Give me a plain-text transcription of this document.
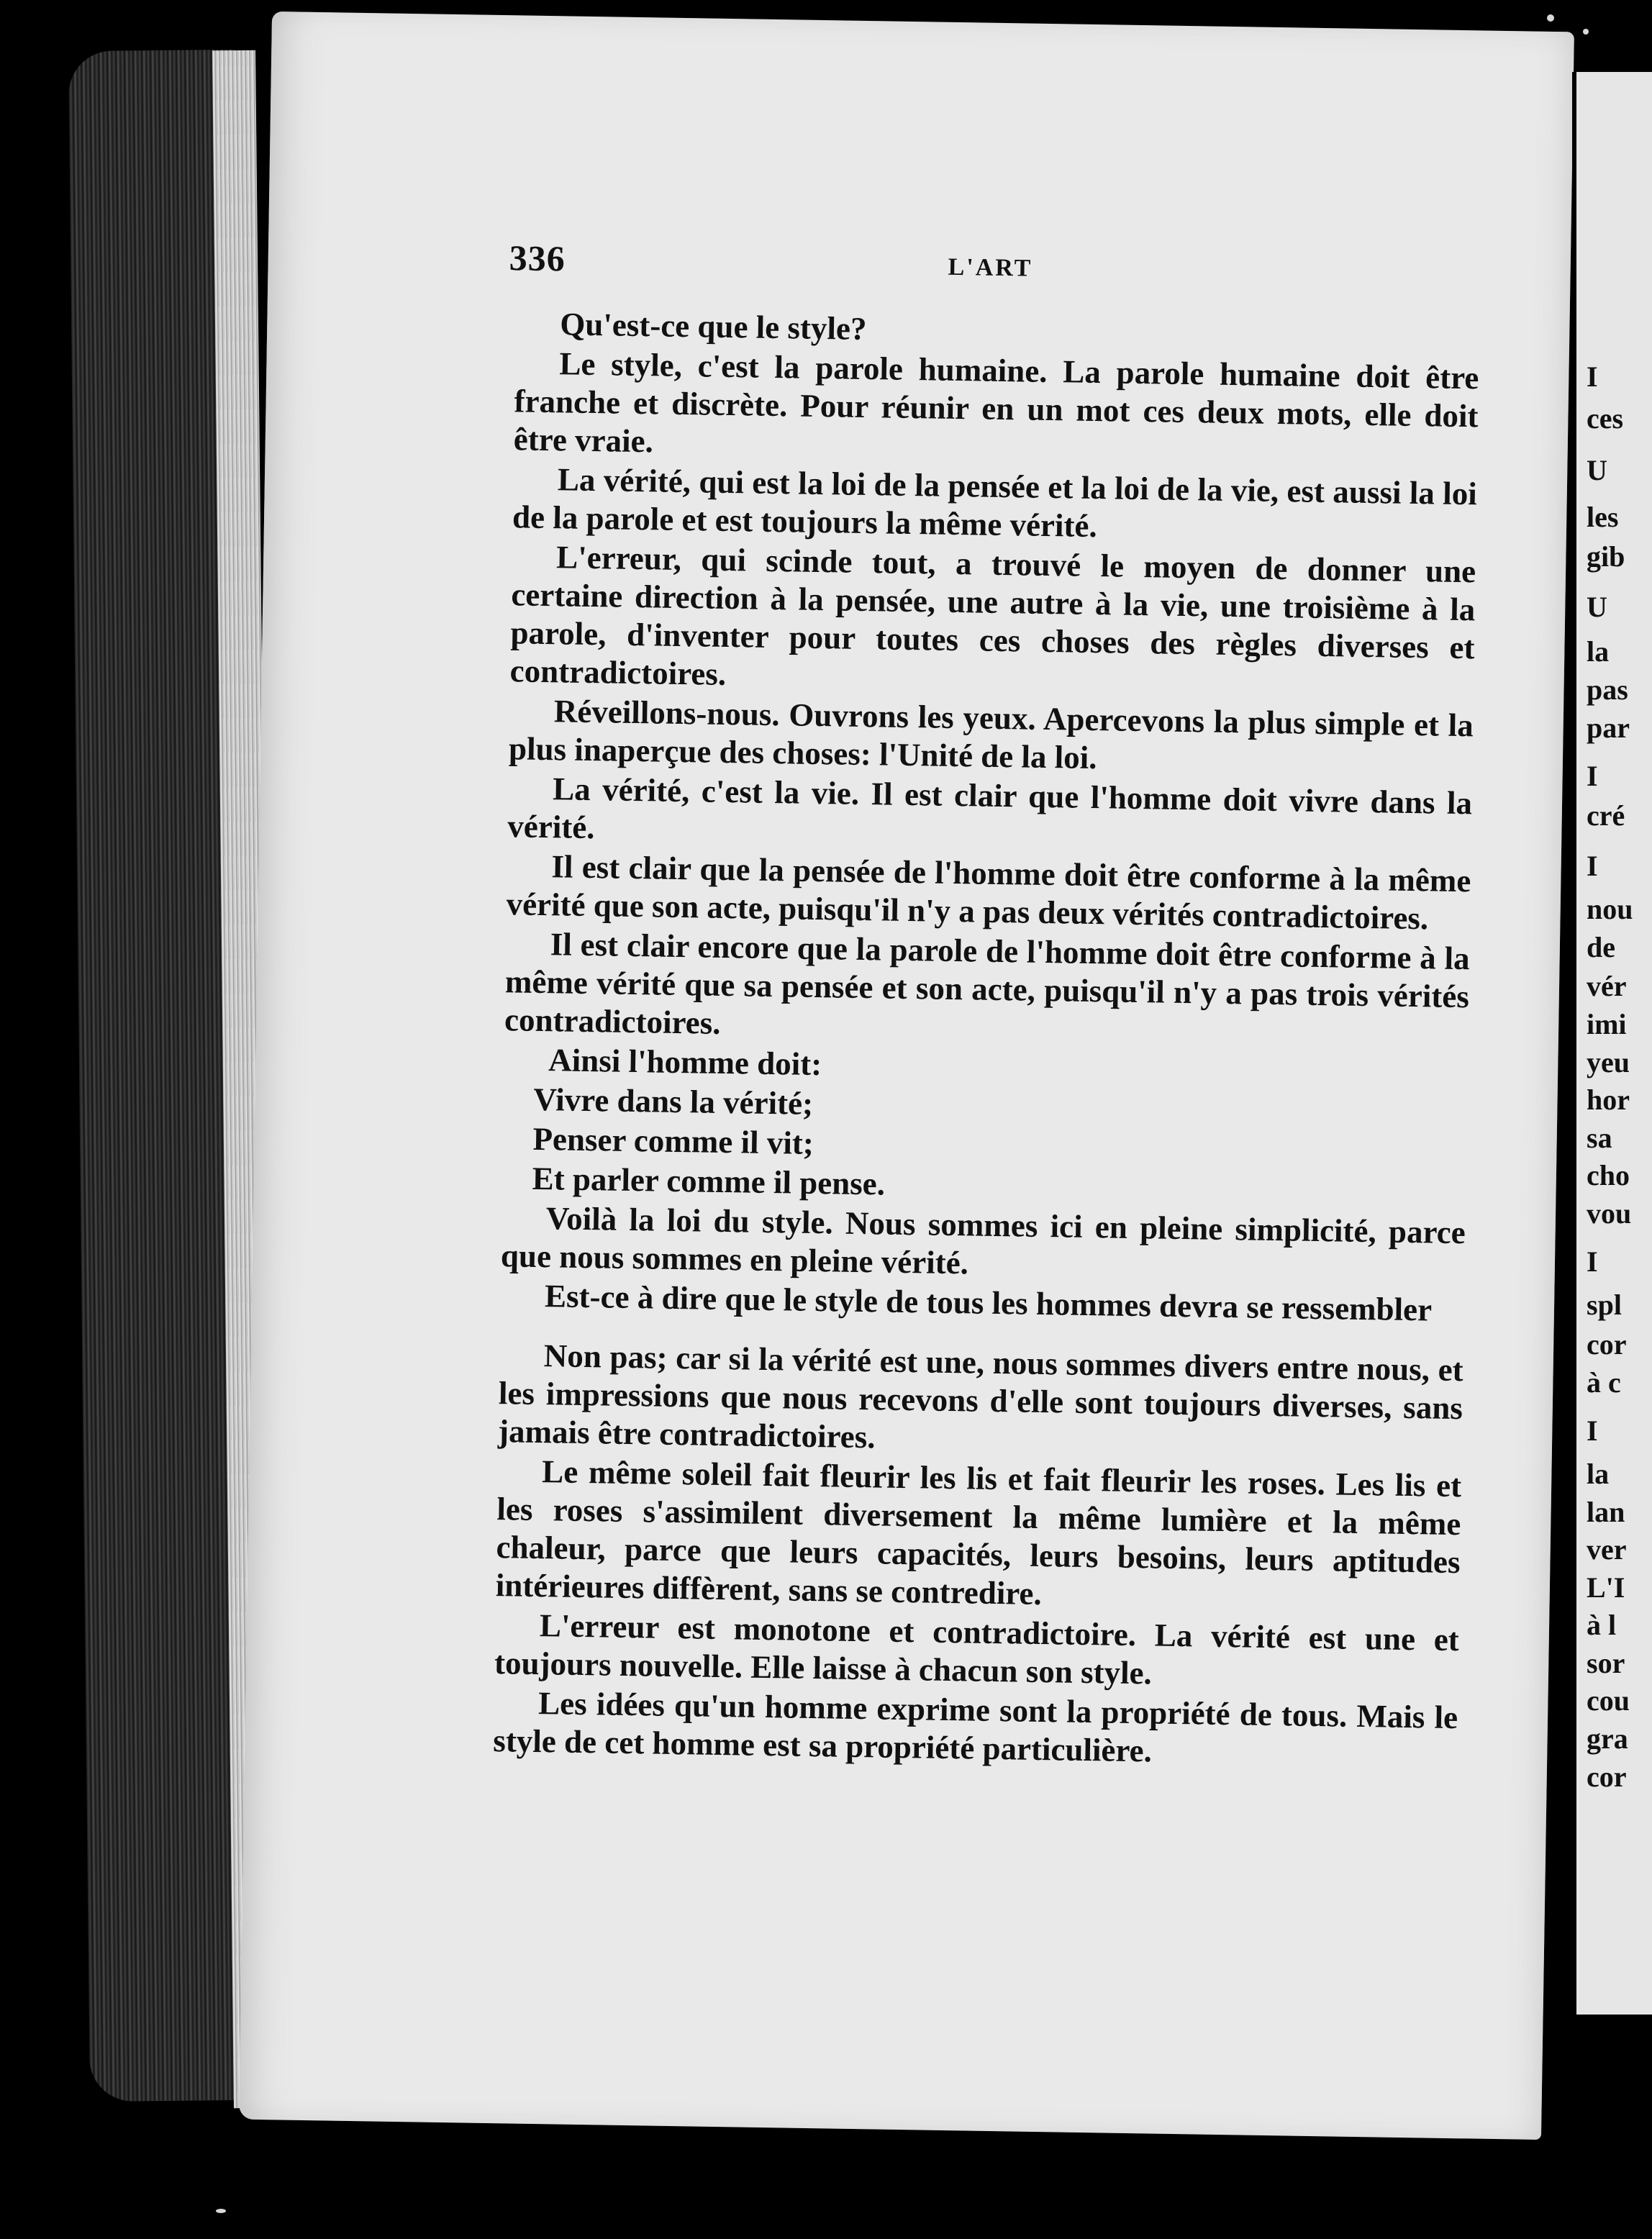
336	L'ART

Qu'est-ce que le style?

Le style, c'est la parole humaine. La parole humaine doit être franche et discrète. Pour réunir en un mot ces deux mots, elle doit être vraie.

La vérité, qui est la loi de la pensée et la loi de la vie, est aussi la loi de la parole et est toujours la même vérité.

L'erreur, qui scinde tout, a trouvé le moyen de donner une certaine direction à la pensée, une autre à la vie, une troisième à la parole, d'inventer pour toutes ces choses des règles diverses et contradictoires.

Réveillons-nous. Ouvrons les yeux. Apercevons la plus simple et la plus inaperçue des choses: l'Unité de la loi.

La vérité, c'est la vie. Il est clair que l'homme doit vivre dans la vérité.

Il est clair que la pensée de l'homme doit être conforme à la même vérité que son acte, puisqu'il n'y a pas deux vérités contradictoires.

Il est clair encore que la parole de l'homme doit être conforme à la même vérité que sa pensée et son acte, puisqu'il n'y a pas trois vérités contradictoires.

Ainsi l'homme doit:

Vivre dans la vérité;

Penser comme il vit;

Et parler comme il pense.

Voilà la loi du style. Nous sommes ici en pleine simplicité, parce que nous sommes en pleine vérité.

Est-ce à dire que le style de tous les hommes devra se ressembler

Non pas; car si la vérité est une, nous sommes divers entre nous, et les impressions que nous recevons d'elle sont toujours diverses, sans jamais être contradictoires.

Le même soleil fait fleurir les lis et fait fleurir les roses. Les lis et les roses s'assimilent diversement la même lumière et la même chaleur, parce que leurs capacités, leurs besoins, leurs aptitudes intérieures diffèrent, sans se contredire.

L'erreur est monotone et contradictoire. La vérité est une et toujours nouvelle. Elle laisse à chacun son style.

Les idées qu'un homme exprime sont la propriété de tous. Mais le style de cet homme est sa propriété particulière.

I
ces
U
les
gib
U
la
pas
par
I
cré
I
nou
de
vér
imi
yeu
hor
sa
cho
vou
I
spl
cor
à c
I
la
lan
ver
L'I
à l
sor
cou
gra
cor
